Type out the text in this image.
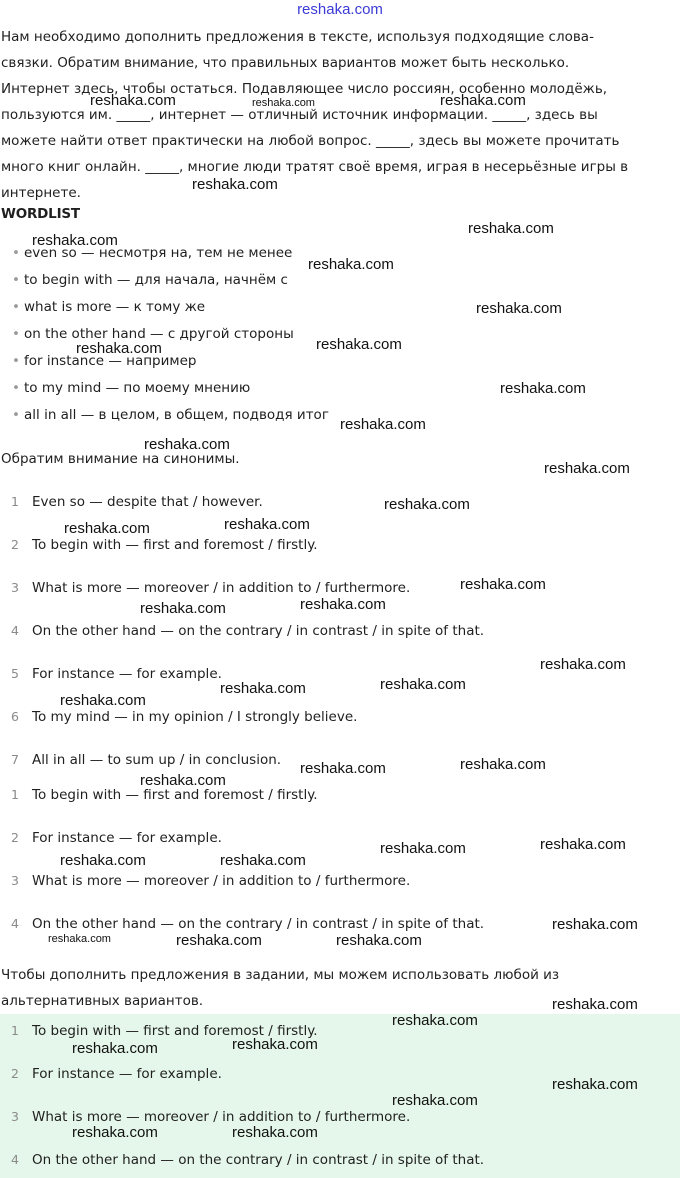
reshaka.com
Нам необходимо дополнить предложения в тексте, используя подходящие слова-
связки. Обратим внимание, что правильных вариантов может быть несколько.
Интернет здесь, чтобы остаться. Подавляющее число россиян, особенно молодёжь,
пользуются им. _____, интернет — отличный источник информации. _____, здесь вы
можете найти ответ практически на любой вопрос. _____, здесь вы можете прочитать
много книг онлайн. _____, многие люди тратят своё время, играя в несерьёзные игры в
интернете.
WORDLIST
• even so — несмотря на, тем не менее
• to begin with — для начала, начнём с
• what is more — к тому же
• on the other hand — с другой стороны
• for instance — например
• to my mind — по моему мнению
• all in all — в целом, в общем, подводя итог
Обратим внимание на синонимы.
1 Even so — despite that / however.
2 To begin with — first and foremost / firstly.
3 What is more — moreover / in addition to / furthermore.
4 On the other hand — on the contrary / in contrast / in spite of that.
5 For instance — for example.
6 To my mind — in my opinion / I strongly believe.
7 All in all — to sum up / in conclusion.
1 To begin with — first and foremost / firstly.
2 For instance — for example.
3 What is more — moreover / in addition to / furthermore.
4 On the other hand — on the contrary / in contrast / in spite of that.
Чтобы дополнить предложения в задании, мы можем использовать любой из
альтернативных вариантов.
1 To begin with — first and foremost / firstly.
2 For instance — for example.
3 What is more — moreover / in addition to / furthermore.
4 On the other hand — on the contrary / in contrast / in spite of that.
reshaka.com	reshaka.com	reshaka.com
reshaka.com
reshaka.com
reshaka.com
reshaka.com
reshaka.com
reshaka.com
reshaka.com
reshaka.com
reshaka.com
reshaka.com
reshaka.com
reshaka.com
reshaka.com
reshaka.com
reshaka.com
reshaka.com
reshaka.com
reshaka.com
reshaka.com
reshaka.com
reshaka.com
reshaka.com
reshaka.com
reshaka.com
reshaka.com
reshaka.com
reshaka.com
reshaka.com
reshaka.com
reshaka.com	reshaka.com	reshaka.com
reshaka.com
reshaka.com
reshaka.com
reshaka.com
reshaka.com
reshaka.com
reshaka.com
reshaka.com
